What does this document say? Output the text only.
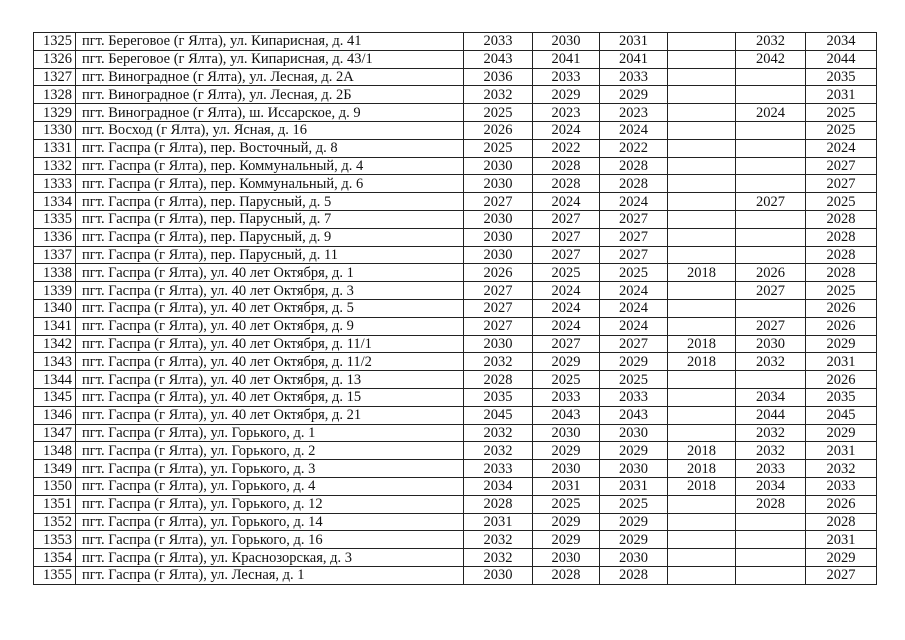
1325	пгт. Береговое (г Ялта), ул. Кипарисная, д. 41	2033	2030	2031		2032	2034
1326	пгт. Береговое (г Ялта), ул. Кипарисная, д. 43/1	2043	2041	2041		2042	2044
1327	пгт. Виноградное (г Ялта), ул. Лесная, д. 2А	2036	2033	2033			2035
1328	пгт. Виноградное (г Ялта), ул. Лесная, д. 2Б	2032	2029	2029			2031
1329	пгт. Виноградное (г Ялта), ш. Иссарское, д. 9	2025	2023	2023		2024	2025
1330	пгт. Восход (г Ялта), ул. Ясная, д. 16	2026	2024	2024			2025
1331	пгт. Гаспра (г Ялта), пер. Восточный, д. 8	2025	2022	2022			2024
1332	пгт. Гаспра (г Ялта), пер. Коммунальный, д. 4	2030	2028	2028			2027
1333	пгт. Гаспра (г Ялта), пер. Коммунальный, д. 6	2030	2028	2028			2027
1334	пгт. Гаспра (г Ялта), пер. Парусный, д. 5	2027	2024	2024		2027	2025
1335	пгт. Гаспра (г Ялта), пер. Парусный, д. 7	2030	2027	2027			2028
1336	пгт. Гаспра (г Ялта), пер. Парусный, д. 9	2030	2027	2027			2028
1337	пгт. Гаспра (г Ялта), пер. Парусный, д. 11	2030	2027	2027			2028
1338	пгт. Гаспра (г Ялта), ул. 40 лет Октября, д. 1	2026	2025	2025	2018	2026	2028
1339	пгт. Гаспра (г Ялта), ул. 40 лет Октября, д. 3	2027	2024	2024		2027	2025
1340	пгт. Гаспра (г Ялта), ул. 40 лет Октября, д. 5	2027	2024	2024			2026
1341	пгт. Гаспра (г Ялта), ул. 40 лет Октября, д. 9	2027	2024	2024		2027	2026
1342	пгт. Гаспра (г Ялта), ул. 40 лет Октября, д. 11/1	2030	2027	2027	2018	2030	2029
1343	пгт. Гаспра (г Ялта), ул. 40 лет Октября, д. 11/2	2032	2029	2029	2018	2032	2031
1344	пгт. Гаспра (г Ялта), ул. 40 лет Октября, д. 13	2028	2025	2025			2026
1345	пгт. Гаспра (г Ялта), ул. 40 лет Октября, д. 15	2035	2033	2033		2034	2035
1346	пгт. Гаспра (г Ялта), ул. 40 лет Октября, д. 21	2045	2043	2043		2044	2045
1347	пгт. Гаспра (г Ялта), ул. Горького, д. 1	2032	2030	2030		2032	2029
1348	пгт. Гаспра (г Ялта), ул. Горького, д. 2	2032	2029	2029	2018	2032	2031
1349	пгт. Гаспра (г Ялта), ул. Горького, д. 3	2033	2030	2030	2018	2033	2032
1350	пгт. Гаспра (г Ялта), ул. Горького, д. 4	2034	2031	2031	2018	2034	2033
1351	пгт. Гаспра (г Ялта), ул. Горького, д. 12	2028	2025	2025		2028	2026
1352	пгт. Гаспра (г Ялта), ул. Горького, д. 14	2031	2029	2029			2028
1353	пгт. Гаспра (г Ялта), ул. Горького, д. 16	2032	2029	2029			2031
1354	пгт. Гаспра (г Ялта), ул. Краснозорская, д. 3	2032	2030	2030			2029
1355	пгт. Гаспра (г Ялта), ул. Лесная, д. 1	2030	2028	2028			2027
